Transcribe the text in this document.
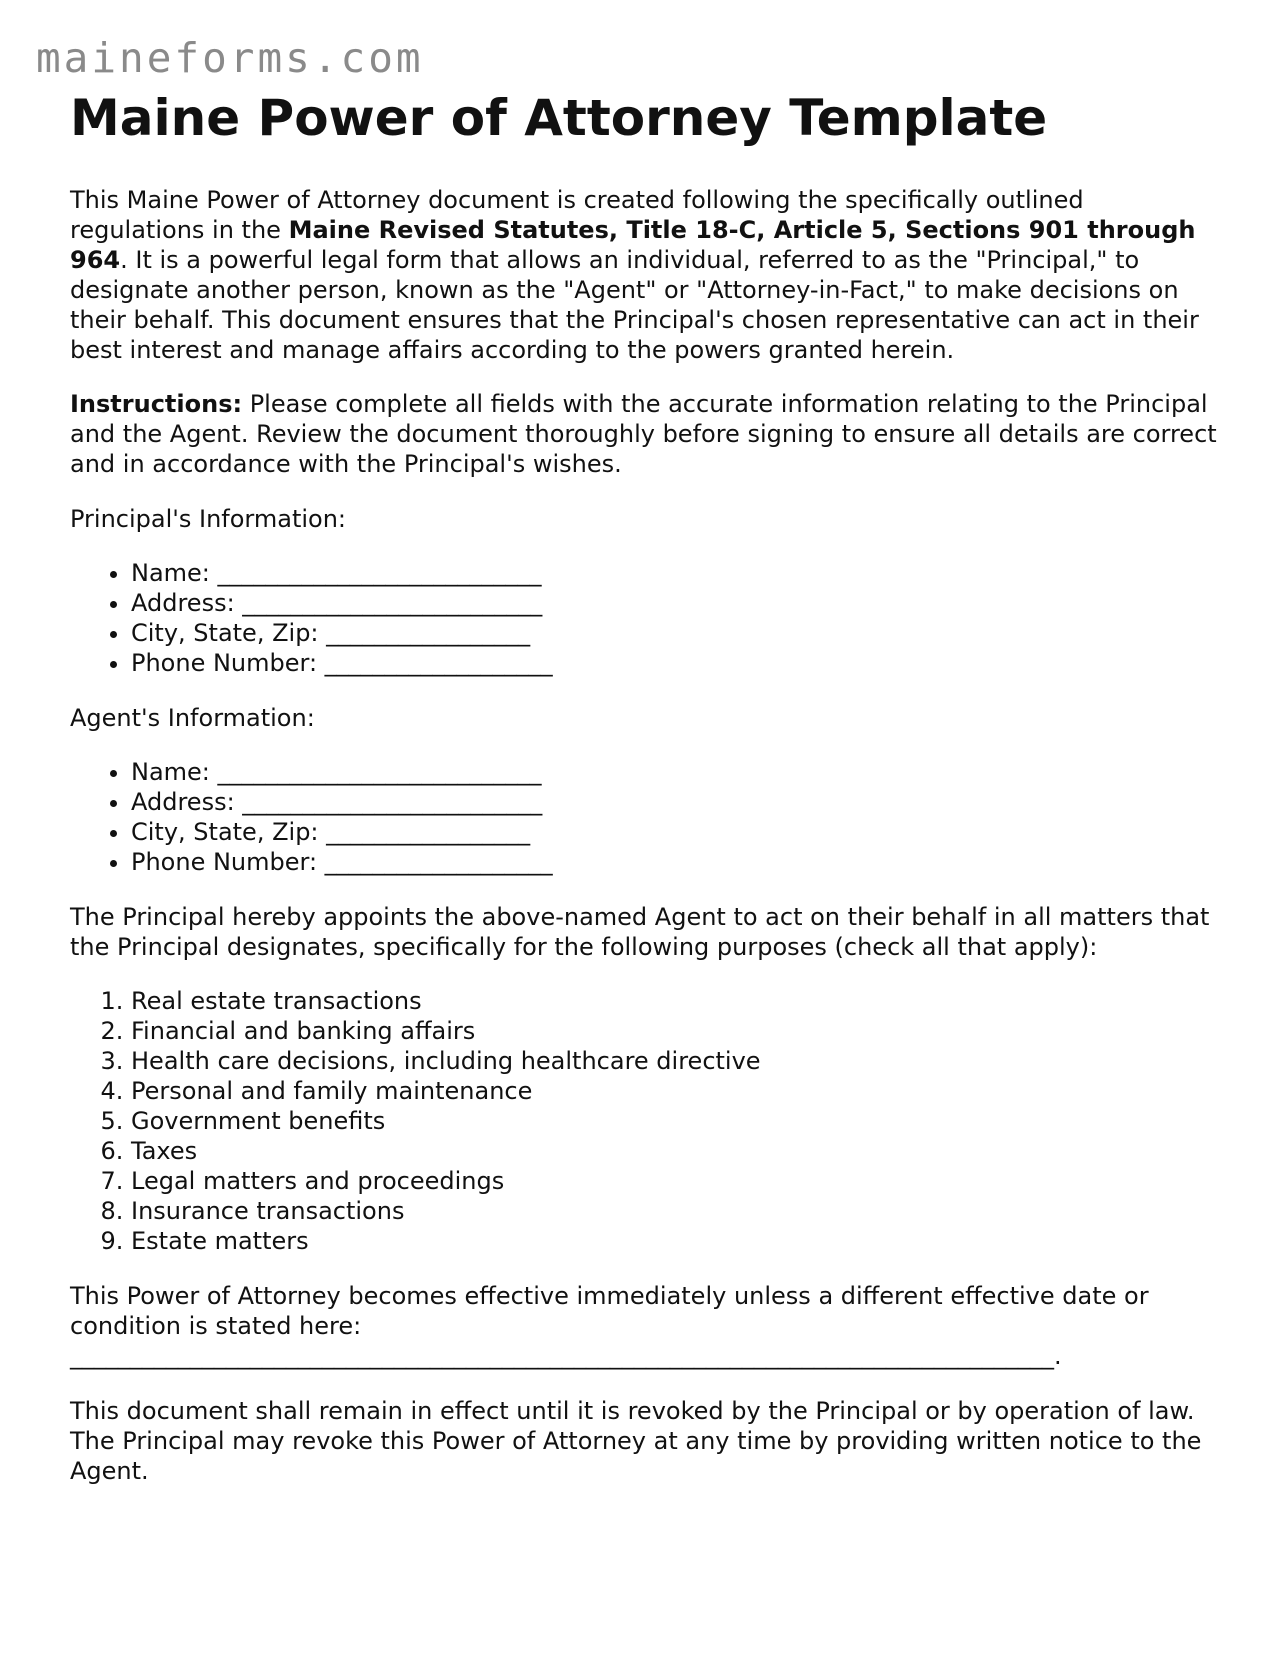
maineforms.com
Maine Power of Attorney Template

This Maine Power of Attorney document is created following the specifically outlined regulations in the Maine Revised Statutes, Title 18-C, Article 5, Sections 901 through 964. It is a powerful legal form that allows an individual, referred to as the "Principal," to designate another person, known as the "Agent" or "Attorney-in-Fact," to make decisions on their behalf. This document ensures that the Principal's chosen representative can act in their best interest and manage affairs according to the powers granted herein.

Instructions: Please complete all fields with the accurate information relating to the Principal and the Agent. Review the document thoroughly before signing to ensure all details are correct and in accordance with the Principal's wishes.

Principal's Information:

• Name: ___________________________
• Address: _________________________
• City, State, Zip: _________________
• Phone Number: ___________________

Agent's Information:

• Name: ___________________________
• Address: _________________________
• City, State, Zip: _________________
• Phone Number: ___________________

The Principal hereby appoints the above-named Agent to act on their behalf in all matters that the Principal designates, specifically for the following purposes (check all that apply):

1. Real estate transactions
2. Financial and banking affairs
3. Health care decisions, including healthcare directive
4. Personal and family maintenance
5. Government benefits
6. Taxes
7. Legal matters and proceedings
8. Insurance transactions
9. Estate matters

This Power of Attorney becomes effective immediately unless a different effective date or condition is stated here:
__________________________________________________________________________________.

This document shall remain in effect until it is revoked by the Principal or by operation of law. The Principal may revoke this Power of Attorney at any time by providing written notice to the Agent.
